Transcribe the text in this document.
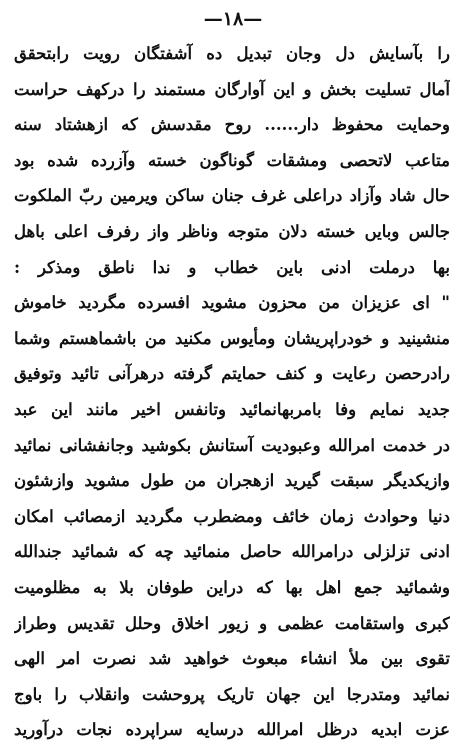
—۱۸—
را بآسایش دل وجان تبدیل ده آشفتگان رویت رابتحقق
آمال تسلیت بخش و این آوارگان مستمند را درکهف حراست
وحمایت محفوظ دار...... روح مقدسش که ازهشتاد سنه
متاعب لاتحصی ومشقات گوناگون خسته وآزرده شده بود
حال شاد وآزاد دراعلی غرف جنان ساکن ویرمین ربّ الملکوت
جالس وبایں خسته دلان متوجه وناظر واز رفرف اعلی باهل
بها درملت ادنی باین خطاب و ندا ناطق ومذکر :
" ای عزیزان من محزون مشوید افسرده مگردید خاموش
منشینید و خودراپریشان ومأیوس مکنید من باشماهستم وشما
رادرحصن رعایت و کنف حمایتم گرفته درهرآنی تائید وتوفیق
جدید نمایم وفا بامربهانمائید وتانفس اخیر مانند این عبد
در خدمت امرالله وعبودیت آستانش بکوشید وجانفشانی نمائید
وازیکدیگر سبقت گیرید ازهجران من طول مشوید وازشئون
دنیا وحوادث زمان خائف ومضطرب مگردید ازمصائب امکان
ادنی تزلزلی درامرالله حاصل منمائید چه که شمائید جندالله
وشمائید جمع اهل بها که دراین طوفان بلا به مظلومیت
کبری واستقامت عظمی و زیور اخلاق وحلل تقدیس وطراز
تقوی بین ملأ انشاء مبعوث خواهید شد نصرت امر الهی
نمائید ومتدرجا این جهان تاریک پروحشت وانقلاب را باوج
عزت ابدیه درظل امرالله درسایه سراپرده نجات درآورید
